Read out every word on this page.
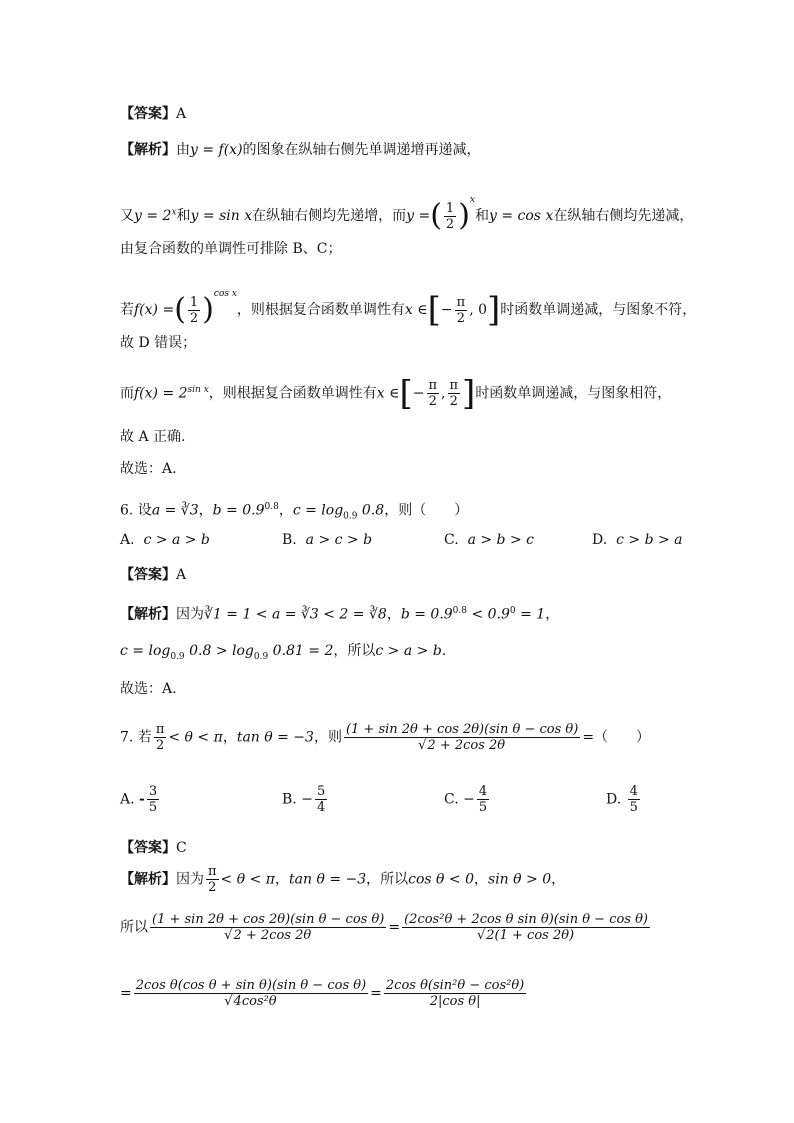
【答案】A
【解析】由y = f(x)的图象在纵轴右侧先单调递增再递减，
又$y = 2^x$和y = sin x在纵轴右侧均先递增，而y =( $\frac{1}{2} )^x$和y = cos x在纵轴右侧均先递减，
由复合函数的单调性可排除 B、C；
若f(x) =( $\frac{1}{2} )^{cos x}$，则根据复合函数单调性有x ∈[− $\frac{\pi}{2}$ , 0]时函数单调递减，与图象不符，
故 D 错误；
而$f(x) = 2^{sin x}$，则根据复合函数单调性有x ∈[− $\frac{\pi}{2}$ , $\frac{\pi}{2}$ ]时函数单调递减，与图象相符，
故 A 正确.
故选：A.
6. 设a = ∛3，$b = 0.9^{0.8}$，$c = \log_{0.9} 0.8$，则（　　）
A. c > a > b	B. a > c > b	C. a > b > c	D. c > b > a
【答案】A
【解析】因为∛1 = 1 < a = ∛3 < 2 = ∛8，$b = 0.9^{0.8} < 0.9^0 = 1$，
$c = \log_{0.9} 0.8 > \log_{0.9} 0.81 = 2$，所以c > a > b.
故选：A.
7. 若 $\frac{\pi}{2} < \theta < \pi$，tan θ = −3，则 $\frac{\text{(1 + sin 2θ + cos 2θ)(sin θ − cos θ)}}{√2 + 2\cos 2\theta}$ =（　　）
A. - $\frac{3}{5}$	B. − $\frac{5}{4}$	C. − $\frac{4}{5}$	D. $\frac{4}{5}$
【答案】C
【解析】因为 $\frac{\pi}{2} < \theta < \pi$，tan θ = −3，所以cos θ < 0，sin θ > 0，
所以 $\frac{\text{(1 + sin 2θ + cos 2θ)(sin θ − cos θ)}}{√2 + 2\cos 2\theta} = \frac{\text{(2cos²θ + 2cos θ sin θ)(sin θ − cos θ)}}{√2(1 + \cos 2\theta)}$
= $\frac{\text{2cos θ(cos θ + sin θ)(sin θ − cos θ)}}{\text{√4cos²θ}} = \frac{\text{2cos θ(sin²θ − cos²θ)}}{\text{2|cos θ|}}$
